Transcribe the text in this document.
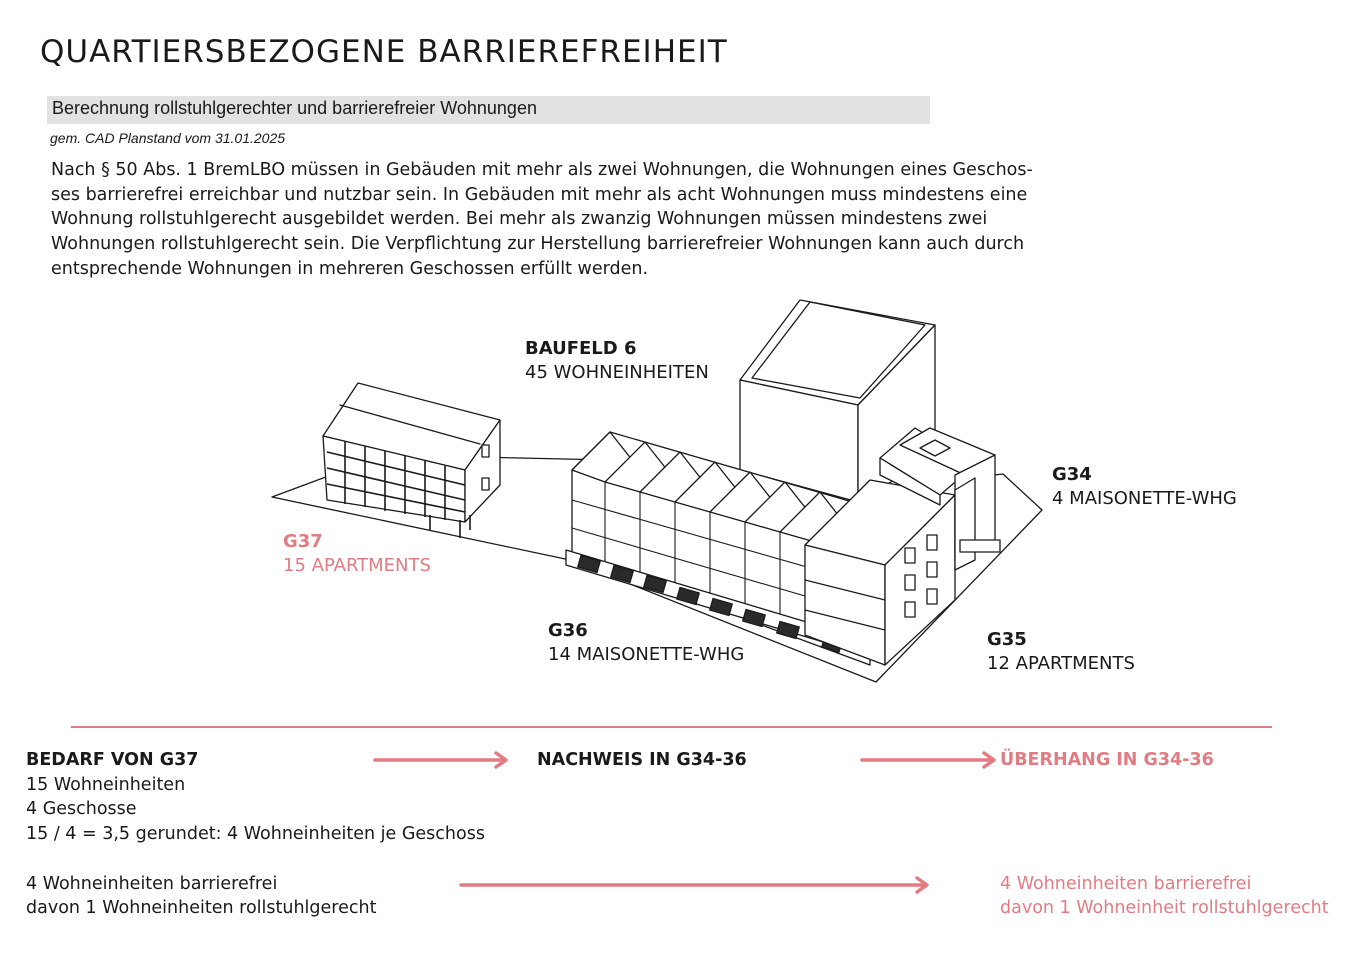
QUARTIERSBEZOGENE BARRIEREFREIHEIT
Berechnung rollstuhlgerechter und barrierefreier Wohnungen
gem. CAD Planstand vom 31.01.2025
Nach § 50 Abs. 1 BremLBO müssen in Gebäuden mit mehr als zwei Wohnungen, die Wohnungen eines Geschos-
ses barrierefrei erreichbar und nutzbar sein. In Gebäuden mit mehr als acht Wohnungen muss mindestens eine
Wohnung rollstuhlgerecht ausgebildet werden. Bei mehr als zwanzig Wohnungen müssen mindestens zwei
Wohnungen rollstuhlgerecht sein. Die Verpflichtung zur Herstellung barrierefreier Wohnungen kann auch durch
entsprechende Wohnungen in mehreren Geschossen erfüllt werden.
BAUFELD 6
45 WOHNEINHEITEN
G37
15 APARTMENTS
G36
14 MAISONETTE-WHG
G35
12 APARTMENTS
G34
4 MAISONETTE-WHG
BEDARF VON G37
15 Wohneinheiten
4 Geschosse
15 / 4 = 3,5 gerundet: 4 Wohneinheiten je Geschoss
NACHWEIS IN G34-36	ÜBERHANG IN G34-36
4 Wohneinheiten barrierefrei
davon 1 Wohneinheiten rollstuhlgerecht
4 Wohneinheiten barrierefrei
davon 1 Wohneinheit rollstuhlgerecht
